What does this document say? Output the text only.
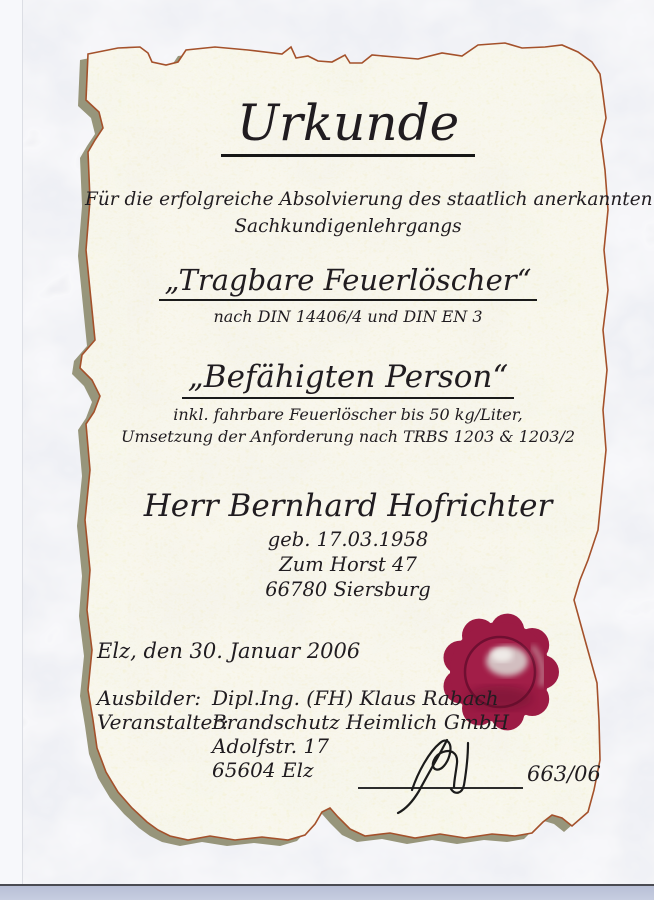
Urkunde
Für die erfolgreiche Absolvierung des staatlich anerkannten
Sachkundigenlehrgangs
„Tragbare Feuerlöscher“
nach DIN 14406/4 und DIN EN 3
„Befähigten Person“
inkl. fahrbare Feuerlöscher bis 50 kg/Liter,
Umsetzung der Anforderung nach TRBS 1203 & 1203/2
Herr Bernhard Hofrichter
geb. 17.03.1958
Zum Horst 47
66780 Siersburg
Elz, den 30. Januar 2006
Ausbilder:
Veranstalter:
Dipl.Ing. (FH) Klaus Rabach
Brandschutz Heimlich GmbH
Adolfstr. 17
65604 Elz	663/06
